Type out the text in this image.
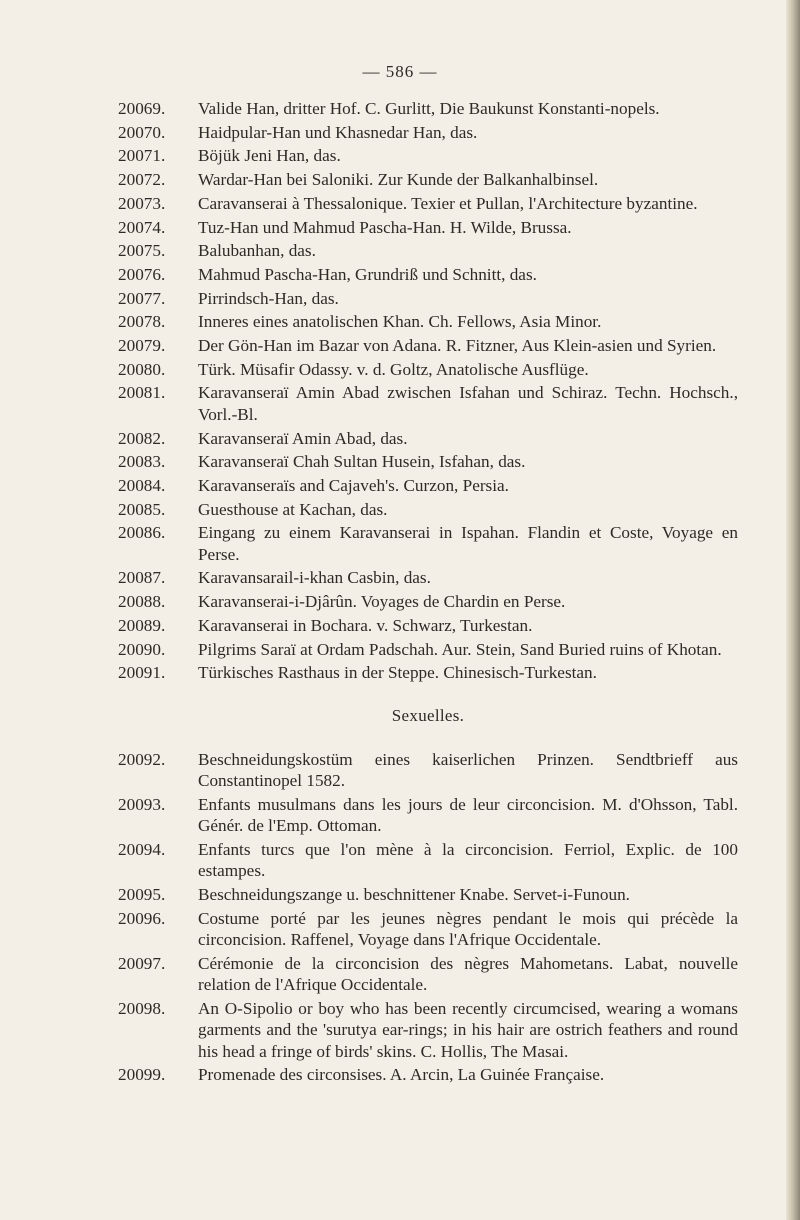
— 586 —
20069.	Valide Han, dritter Hof. C. Gurlitt, Die Baukunst Konstanti-nopels.
20070.	Haidpular-Han und Khasnedar Han, das.
20071.	Böjük Jeni Han, das.
20072.	Wardar-Han bei Saloniki. Zur Kunde der Balkanhalbinsel.
20073.	Caravanserai à Thessalonique. Texier et Pullan, l'Architecture byzantine.
20074.	Tuz-Han und Mahmud Pascha-Han. H. Wilde, Brussa.
20075.	Balubanhan, das.
20076.	Mahmud Pascha-Han, Grundriß und Schnitt, das.
20077.	Pirrindsch-Han, das.
20078.	Inneres eines anatolischen Khan. Ch. Fellows, Asia Minor.
20079.	Der Gön-Han im Bazar von Adana. R. Fitzner, Aus Klein-asien und Syrien.
20080.	Türk. Müsafir Odassy. v. d. Goltz, Anatolische Ausflüge.
20081.	Karavanseraï Amin Abad zwischen Isfahan und Schiraz. Techn. Hochsch., Vorl.-Bl.
20082.	Karavanseraï Amin Abad, das.
20083.	Karavanseraï Chah Sultan Husein, Isfahan, das.
20084.	Karavanseraïs and Cajaveh's. Curzon, Persia.
20085.	Guesthouse at Kachan, das.
20086.	Eingang zu einem Karavanserai in Ispahan. Flandin et Coste, Voyage en Perse.
20087.	Karavansarail-i-khan Casbin, das.
20088.	Karavanserai-i-Djârûn. Voyages de Chardin en Perse.
20089.	Karavanserai in Bochara. v. Schwarz, Turkestan.
20090.	Pilgrims Saraï at Ordam Padschah. Aur. Stein, Sand Buried ruins of Khotan.
20091.	Türkisches Rasthaus in der Steppe. Chinesisch-Turkestan.
Sexuelles.
20092.	Beschneidungskostüm eines kaiserlichen Prinzen. Sendtbrieff aus Constantinopel 1582.
20093.	Enfants musulmans dans les jours de leur circoncision. M. d'Ohsson, Tabl. Génér. de l'Emp. Ottoman.
20094.	Enfants turcs que l'on mène à la circoncision. Ferriol, Explic. de 100 estampes.
20095.	Beschneidungszange u. beschnittener Knabe. Servet-i-Funoun.
20096.	Costume porté par les jeunes nègres pendant le mois qui précède la circoncision. Raffenel, Voyage dans l'Afrique Occidentale.
20097.	Cérémonie de la circoncision des nègres Mahometans. Labat, nouvelle relation de l'Afrique Occidentale.
20098.	An O-Sipolio or boy who has been recently circumcised, wearing a womans garments and the 'surutya ear-rings; in his hair are ostrich feathers and round his head a fringe of birds' skins. C. Hollis, The Masai.
20099.	Promenade des circonsises. A. Arcin, La Guinée Française.
